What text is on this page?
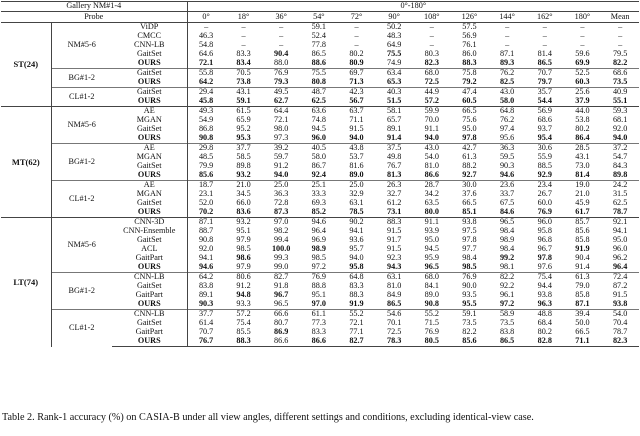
Gallery NM#1-4			0°-180°											
Probe			0°	18°	36°	54°	72°	90°	108°	126°	144°	162°	180°	Mean
ST(24)	NM#5-6	ViDP	–	–	–	59.1	–	50.2	–	57.5	–	–	–	–
		CMCC	46.3	–	–	52.4	–	48.3	–	56.9	–	–	–	–
		CNN-LB	54.8	–	–	77.8	–	64.9	–	76.1	–	–	–	–
		GaitSet	64.6	83.3	90.4	86.5	80.2	75.5	80.3	86.0	87.1	81.4	59.6	79.5
		OURS	72.1	83.4	88.0	88.6	80.9	74.9	82.3	88.3	89.3	86.5	69.9	82.2
	BG#1-2	GaitSet	55.8	70.5	76.9	75.5	69.7	63.4	68.0	75.8	76.2	70.7	52.5	68.6
		OURS	64.2	73.8	79.3	80.8	71.3	65.3	72.5	79.2	82.5	79.7	60.3	73.5
	CL#1-2	GaitSet	29.4	43.1	49.5	48.7	42.3	40.3	44.9	47.4	43.0	35.7	25.6	40.9
		OURS	45.8	59.1	62.7	62.5	56.7	51.5	57.2	60.5	58.0	54.4	37.9	55.1
MT(62)	NM#5-6	AE	49.3	61.5	64.4	63.6	63.7	58.1	59.9	66.5	64.8	56.9	44.0	59.3
		MGAN	54.9	65.9	72.1	74.8	71.1	65.7	70.0	75.6	76.2	68.6	53.8	68.1
		GaitSet	86.8	95.2	98.0	94.5	91.5	89.1	91.1	95.0	97.4	93.7	80.2	92.0
		OURS	90.8	95.3	97.3	96.0	94.0	91.4	94.0	97.8	95.6	95.4	86.4	94.0
	BG#1-2	AE	29.8	37.7	39.2	40.5	43.8	37.5	43.0	42.7	36.3	30.6	28.5	37.2
		MGAN	48.5	58.5	59.7	58.0	53.7	49.8	54.0	61.3	59.5	55.9	43.1	54.7
		GaitSet	79.9	89.8	91.2	86.7	81.6	76.7	81.0	88.2	90.3	88.5	73.0	84.3
		OURS	85.6	93.2	94.0	92.4	89.0	81.3	86.6	92.7	94.6	92.9	81.4	89.8
	CL#1-2	AE	18.7	21.0	25.0	25.1	25.0	26.3	28.7	30.0	23.6	23.4	19.0	24.2
		MGAN	23.1	34.5	36.3	33.3	32.9	32.7	34.2	37.6	33.7	26.7	21.0	31.5
		GaitSet	52.0	66.0	72.8	69.3	63.1	61.2	63.5	66.5	67.5	60.0	45.9	62.5
		OURS	70.2	83.6	87.3	85.2	78.5	73.1	80.0	85.1	84.6	76.9	61.7	78.7
LT(74)	NM#5-6	CNN-3D	87.1	93.2	97.0	94.6	90.2	88.3	91.1	93.8	96.5	96.0	85.7	92.1
		CNN-Ensemble	88.7	95.1	98.2	96.4	94.1	91.5	93.9	97.5	98.4	95.8	85.6	94.1
		GaitSet	90.8	97.9	99.4	96.9	93.6	91.7	95.0	97.8	98.9	96.8	85.8	95.0
		ACL	92.0	98.5	100.0	98.9	95.7	91.5	94.5	97.7	98.4	96.7	91.9	96.0
		GaitPart	94.1	98.6	99.3	98.5	94.0	92.3	95.9	98.4	99.2	97.8	90.4	96.2
		OURS	94.6	97.9	99.0	97.2	95.8	94.3	96.5	98.5	98.1	97.6	91.4	96.4
	BG#1-2	CNN-LB	64.2	80.6	82.7	76.9	64.8	63.1	68.0	76.9	82.2	75.4	61.3	72.4
		GaitSet	83.8	91.2	91.8	88.8	83.3	81.0	84.1	90.0	92.2	94.4	79.0	87.2
		GaitPart	89.1	94.8	96.7	95.1	88.3	84.9	89.0	93.5	96.1	93.8	85.8	91.5
		OURS	90.3	93.3	96.5	97.0	91.9	86.5	90.8	95.5	97.2	96.3	87.1	93.8
	CL#1-2	CNN-LB	37.7	57.2	66.6	61.1	55.2	54.6	55.2	59.1	58.9	48.8	39.4	54.0
		GaitSet	61.4	75.4	80.7	77.3	72.1	70.1	71.5	73.5	73.5	68.4	50.0	70.4
		GaitPart	70.7	85.5	86.9	83.3	77.1	72.5	76.9	82.2	83.8	80.2	66.5	78.7
		OURS	76.7	88.3	86.6	86.6	82.7	78.3	80.5	85.6	86.5	82.8	71.1	82.3
Table 2. Rank-1 accuracy (%) on CASIA-B under all view angles, different settings and conditions, excluding identical-view case.
